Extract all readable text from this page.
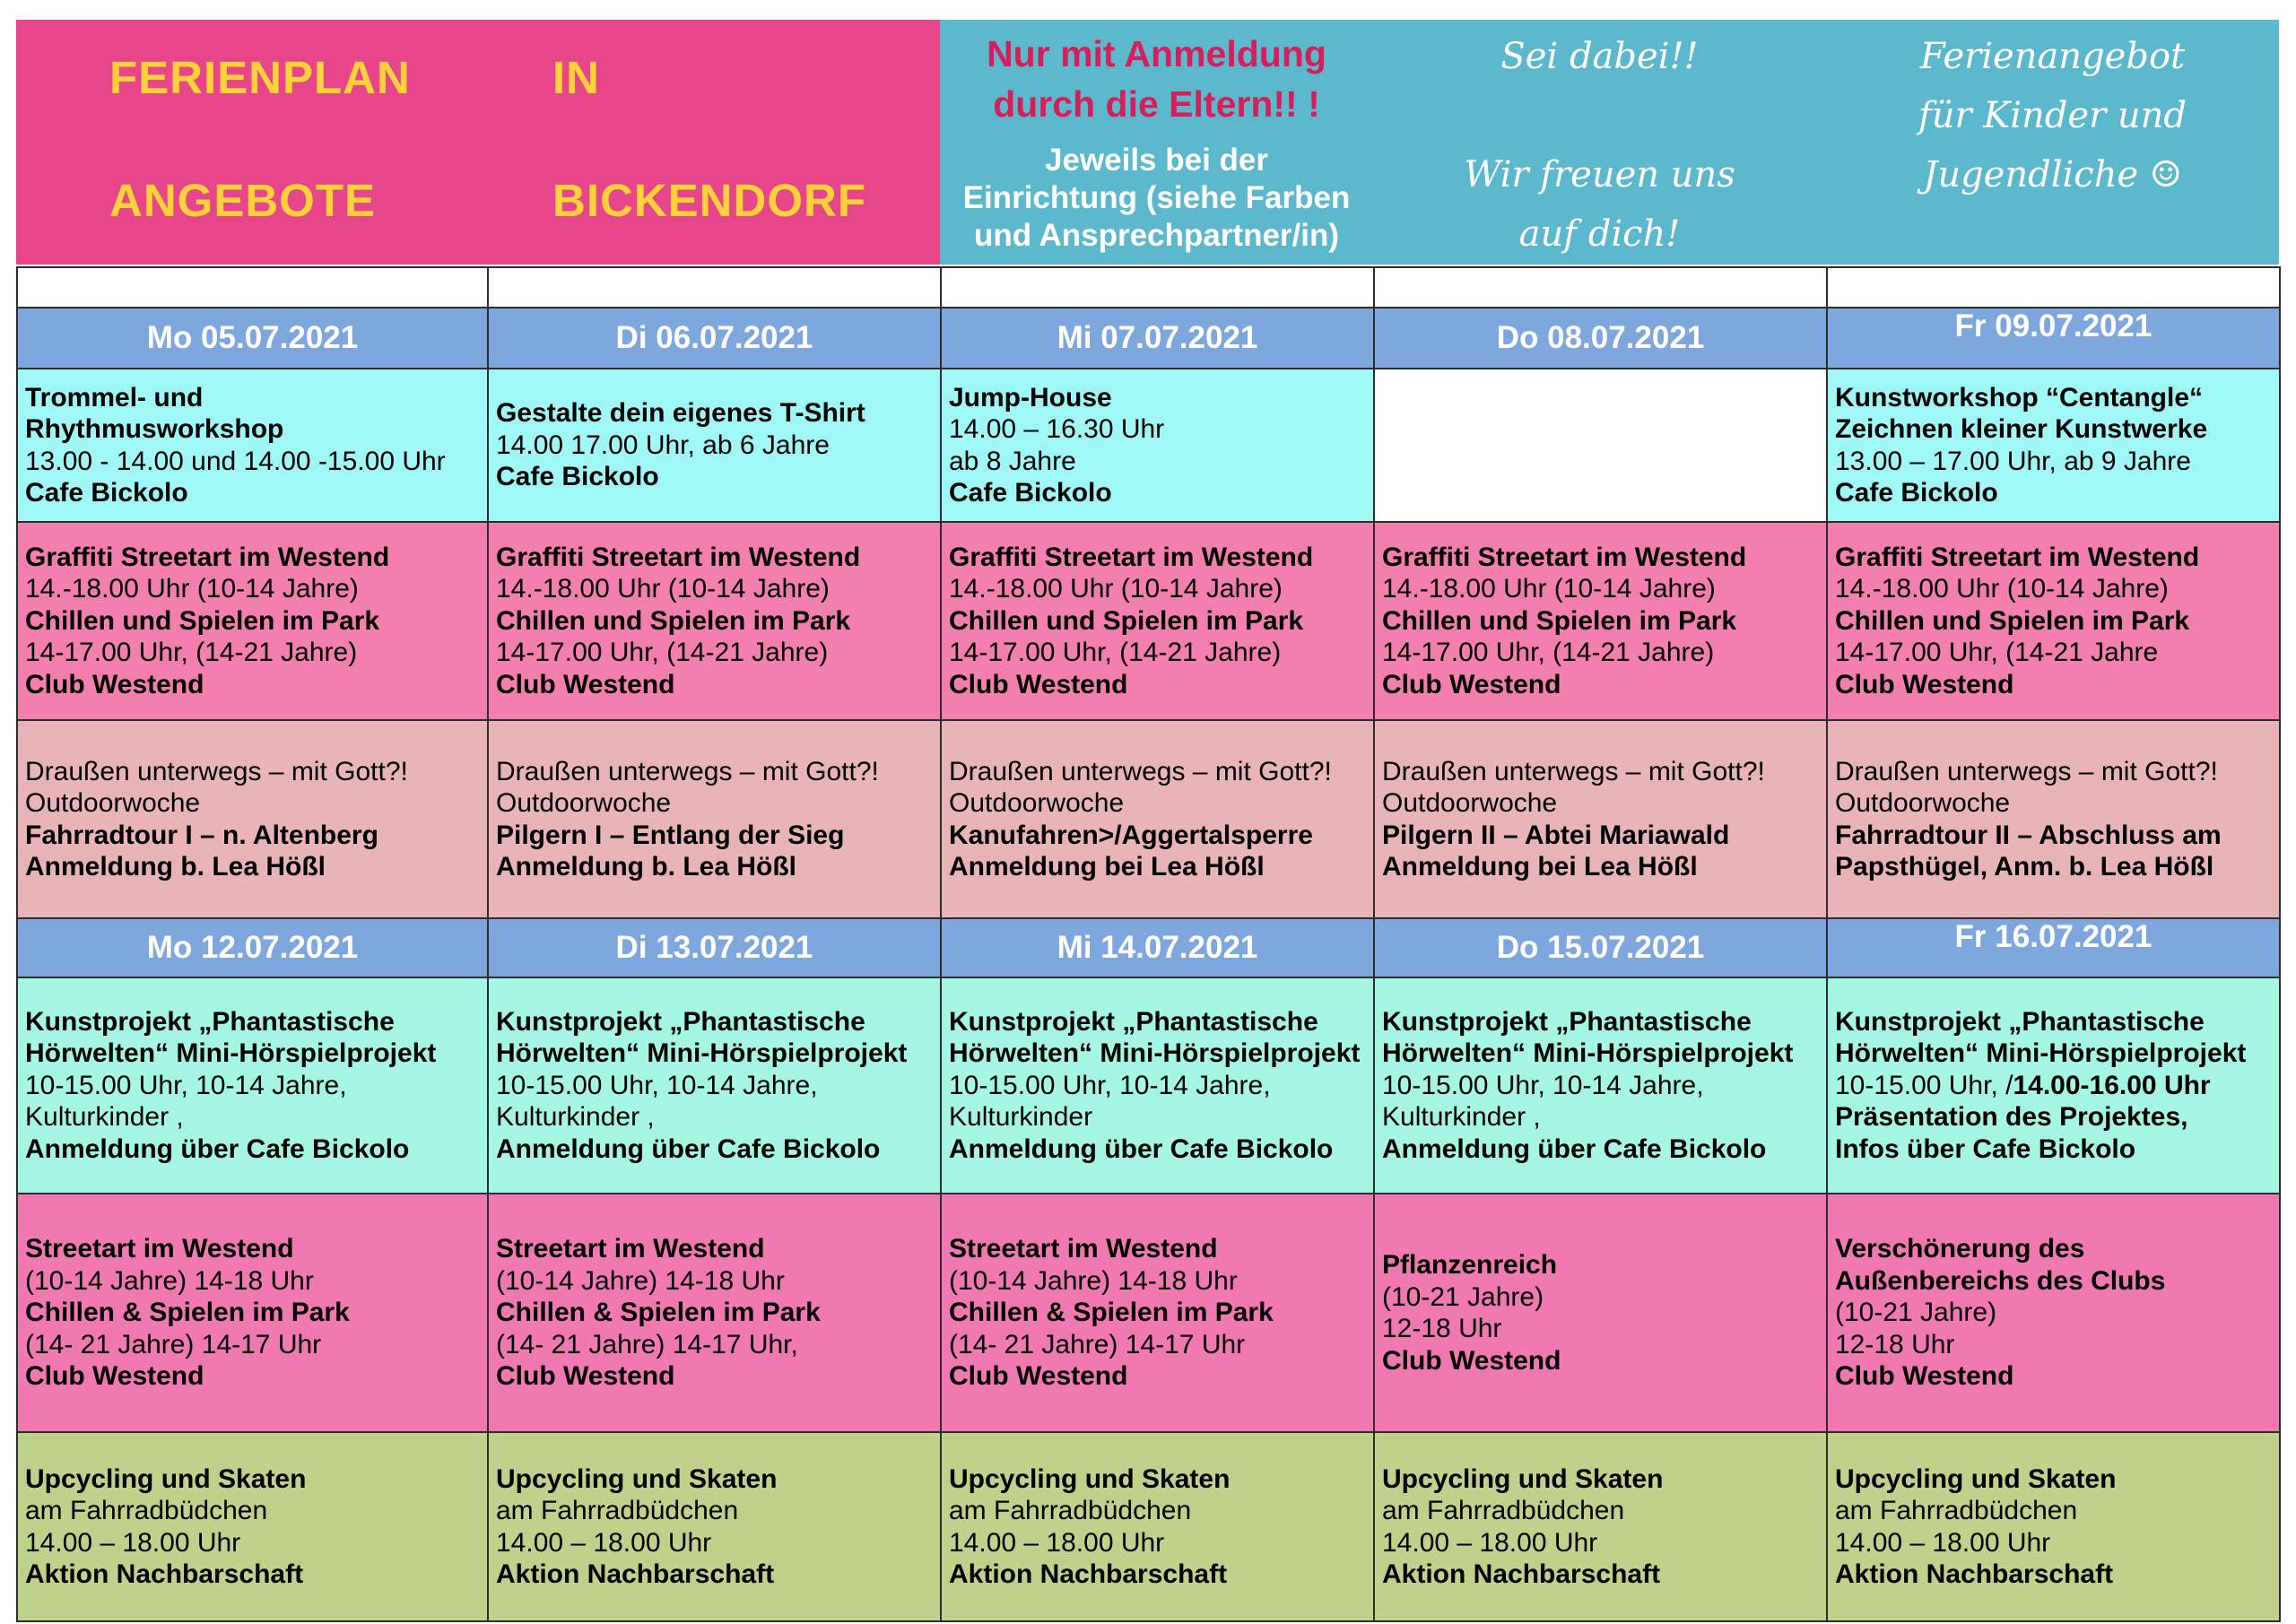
FERIENPLAN	IN
ANGEBOTE	BICKENDORF
Nur mit Anmeldung
durch die Eltern!! !
Jeweils bei der
Einrichtung (siehe Farben
und Ansprechpartner/in)
Sei dabei!!

Wir freuen uns
auf dich!
Ferienangebot
für Kinder und
Jugendliche ☺

Mo 05.07.2021	Di 06.07.2021	Mi 07.07.2021	Do 08.07.2021	Fr 09.07.2021

Trommel- und
Rhythmusworkshop
13.00 - 14.00 und 14.00 -15.00 Uhr
Cafe Bickolo	Gestalte dein eigenes T-Shirt
14.00 17.00 Uhr, ab 6 Jahre
Cafe Bickolo	Jump-House
14.00 – 16.30 Uhr
ab 8 Jahre
Cafe Bickolo		Kunstworkshop “Centangle“
Zeichnen kleiner Kunstwerke
13.00 – 17.00 Uhr, ab 9 Jahre
Cafe Bickolo

Graffiti Streetart im Westend
14.-18.00 Uhr (10-14 Jahre)
Chillen und Spielen im Park
14-17.00 Uhr, (14-21 Jahre)
Club Westend	Graffiti Streetart im Westend
14.-18.00 Uhr (10-14 Jahre)
Chillen und Spielen im Park
14-17.00 Uhr, (14-21 Jahre)
Club Westend	Graffiti Streetart im Westend
14.-18.00 Uhr (10-14 Jahre)
Chillen und Spielen im Park
14-17.00 Uhr, (14-21 Jahre)
Club Westend	Graffiti Streetart im Westend
14.-18.00 Uhr (10-14 Jahre)
Chillen und Spielen im Park
14-17.00 Uhr, (14-21 Jahre)
Club Westend	Graffiti Streetart im Westend
14.-18.00 Uhr (10-14 Jahre)
Chillen und Spielen im Park
14-17.00 Uhr, (14-21 Jahre
Club Westend

Draußen unterwegs – mit Gott?!
Outdoorwoche
Fahrradtour I – n. Altenberg
Anmeldung b. Lea Hößl	Draußen unterwegs – mit Gott?!
Outdoorwoche
Pilgern I – Entlang der Sieg
Anmeldung b. Lea Hößl	Draußen unterwegs – mit Gott?!
Outdoorwoche
Kanufahren>/Aggertalsperre
Anmeldung bei Lea Hößl	Draußen unterwegs – mit Gott?!
Outdoorwoche
Pilgern II – Abtei Mariawald
Anmeldung bei Lea Hößl	Draußen unterwegs – mit Gott?!
Outdoorwoche
Fahrradtour II – Abschluss am
Papsthügel, Anm. b. Lea Hößl

Mo 12.07.2021	Di 13.07.2021	Mi 14.07.2021	Do 15.07.2021	Fr 16.07.2021

Kunstprojekt „Phantastische
Hörwelten“ Mini-Hörspielprojekt
10-15.00 Uhr, 10-14 Jahre,
Kulturkinder ,
Anmeldung über Cafe Bickolo	Kunstprojekt „Phantastische
Hörwelten“ Mini-Hörspielprojekt
10-15.00 Uhr, 10-14 Jahre,
Kulturkinder ,
Anmeldung über Cafe Bickolo	Kunstprojekt „Phantastische
Hörwelten“ Mini-Hörspielprojekt
10-15.00 Uhr, 10-14 Jahre,
Kulturkinder
Anmeldung über Cafe Bickolo	Kunstprojekt „Phantastische
Hörwelten“ Mini-Hörspielprojekt
10-15.00 Uhr, 10-14 Jahre,
Kulturkinder ,
Anmeldung über Cafe Bickolo	Kunstprojekt „Phantastische
Hörwelten“ Mini-Hörspielprojekt
10-15.00 Uhr, /14.00-16.00 Uhr
Präsentation des Projektes,
Infos über Cafe Bickolo

Streetart im Westend
(10-14 Jahre) 14-18 Uhr
Chillen & Spielen im Park
(14- 21 Jahre) 14-17 Uhr
Club Westend	Streetart im Westend
(10-14 Jahre) 14-18 Uhr
Chillen & Spielen im Park
(14- 21 Jahre) 14-17 Uhr,
Club Westend	Streetart im Westend
(10-14 Jahre) 14-18 Uhr
Chillen & Spielen im Park
(14- 21 Jahre) 14-17 Uhr
Club Westend	Pflanzenreich
(10-21 Jahre)
12-18 Uhr
Club Westend	Verschönerung des
Außenbereichs des Clubs
(10-21 Jahre)
12-18 Uhr
Club Westend

Upcycling und Skaten
am Fahrradbüdchen
14.00 – 18.00 Uhr
Aktion Nachbarschaft	Upcycling und Skaten
am Fahrradbüdchen
14.00 – 18.00 Uhr
Aktion Nachbarschaft	Upcycling und Skaten
am Fahrradbüdchen
14.00 – 18.00 Uhr
Aktion Nachbarschaft	Upcycling und Skaten
am Fahrradbüdchen
14.00 – 18.00 Uhr
Aktion Nachbarschaft	Upcycling und Skaten
am Fahrradbüdchen
14.00 – 18.00 Uhr
Aktion Nachbarschaft
